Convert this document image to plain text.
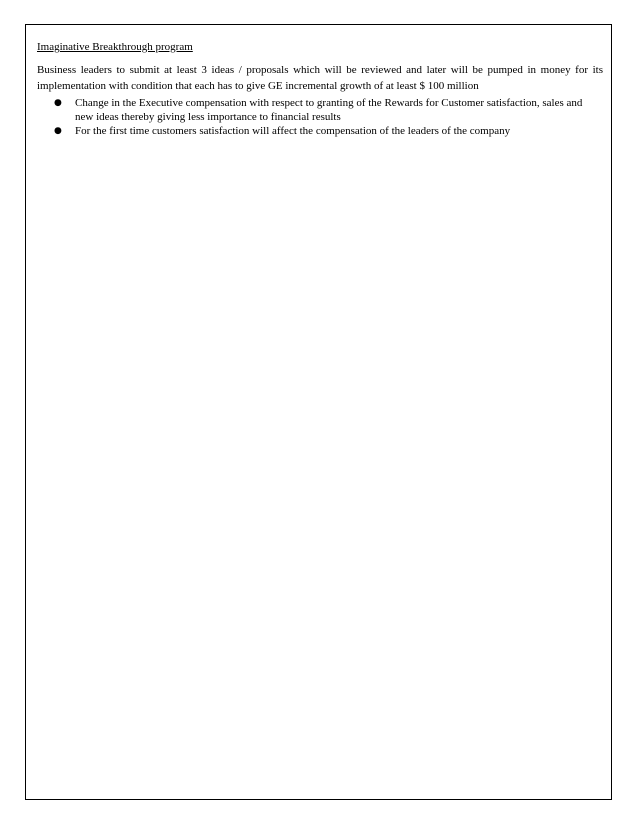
Imaginative Breakthrough program

Business leaders to submit at least 3 ideas / proposals which will be reviewed and later will be pumped in money for its implementation with condition that each has to give GE incremental growth of at least $ 100 million

● Change in the Executive compensation with respect to granting of the Rewards for Customer satisfaction, sales and new ideas thereby giving less importance to financial results
● For the first time customers satisfaction will affect the compensation of the leaders of the company
